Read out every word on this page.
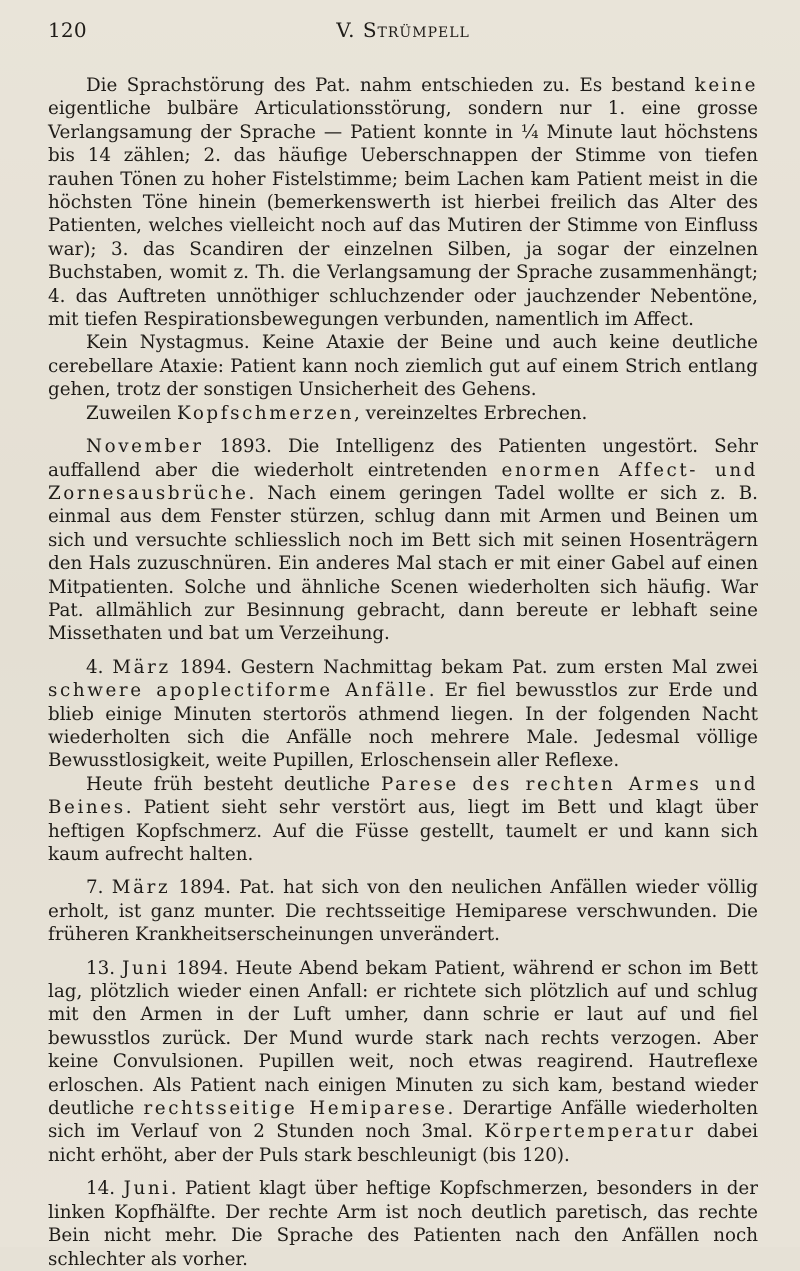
120	V. Strümpell

Die Sprachstörung des Pat. nahm entschieden zu. Es bestand keine eigentliche bulbäre Articulationsstörung, sondern nur 1. eine grosse Verlangsamung der Sprache — Patient konnte in ¼ Minute laut höchstens bis 14 zählen; 2. das häufige Ueberschnappen der Stimme von tiefen rauhen Tönen zu hoher Fistelstimme; beim Lachen kam Patient meist in die höchsten Töne hinein (bemerkenswerth ist hierbei freilich das Alter des Patienten, welches vielleicht noch auf das Mutiren der Stimme von Einfluss war); 3. das Scandiren der einzelnen Silben, ja sogar der einzelnen Buchstaben, womit z. Th. die Verlangsamung der Sprache zusammenhängt; 4. das Auftreten unnöthiger schluchzender oder jauchzender Nebentöne, mit tiefen Respirationsbewegungen verbunden, namentlich im Affect.

Kein Nystagmus. Keine Ataxie der Beine und auch keine deutliche cerebellare Ataxie: Patient kann noch ziemlich gut auf einem Strich entlang gehen, trotz der sonstigen Unsicherheit des Gehens.

Zuweilen Kopfschmerzen, vereinzeltes Erbrechen.

November 1893. Die Intelligenz des Patienten ungestört. Sehr auffallend aber die wiederholt eintretenden enormen Affect- und Zornesausbrüche. Nach einem geringen Tadel wollte er sich z. B. einmal aus dem Fenster stürzen, schlug dann mit Armen und Beinen um sich und versuchte schliesslich noch im Bett sich mit seinen Hosenträgern den Hals zuzuschnüren. Ein anderes Mal stach er mit einer Gabel auf einen Mitpatienten. Solche und ähnliche Scenen wiederholten sich häufig. War Pat. allmählich zur Besinnung gebracht, dann bereute er lebhaft seine Missethaten und bat um Verzeihung.

4. März 1894. Gestern Nachmittag bekam Pat. zum ersten Mal zwei schwere apoplectiforme Anfälle. Er fiel bewusstlos zur Erde und blieb einige Minuten stertorös athmend liegen. In der folgenden Nacht wiederholten sich die Anfälle noch mehrere Male. Jedesmal völlige Bewusstlosigkeit, weite Pupillen, Erloschensein aller Reflexe.

Heute früh besteht deutliche Parese des rechten Armes und Beines. Patient sieht sehr verstört aus, liegt im Bett und klagt über heftigen Kopfschmerz. Auf die Füsse gestellt, taumelt er und kann sich kaum aufrecht halten.

7. März 1894. Pat. hat sich von den neulichen Anfällen wieder völlig erholt, ist ganz munter. Die rechtsseitige Hemiparese verschwunden. Die früheren Krankheitserscheinungen unverändert.

13. Juni 1894. Heute Abend bekam Patient, während er schon im Bett lag, plötzlich wieder einen Anfall: er richtete sich plötzlich auf und schlug mit den Armen in der Luft umher, dann schrie er laut auf und fiel bewusstlos zurück. Der Mund wurde stark nach rechts verzogen. Aber keine Convulsionen. Pupillen weit, noch etwas reagirend. Hautreflexe erloschen. Als Patient nach einigen Minuten zu sich kam, bestand wieder deutliche rechtsseitige Hemiparese. Derartige Anfälle wiederholten sich im Verlauf von 2 Stunden noch 3mal. Körpertemperatur dabei nicht erhöht, aber der Puls stark beschleunigt (bis 120).

14. Juni. Patient klagt über heftige Kopfschmerzen, besonders in der linken Kopfhälfte. Der rechte Arm ist noch deutlich paretisch, das rechte Bein nicht mehr. Die Sprache des Patienten nach den Anfällen noch schlechter als vorher.
